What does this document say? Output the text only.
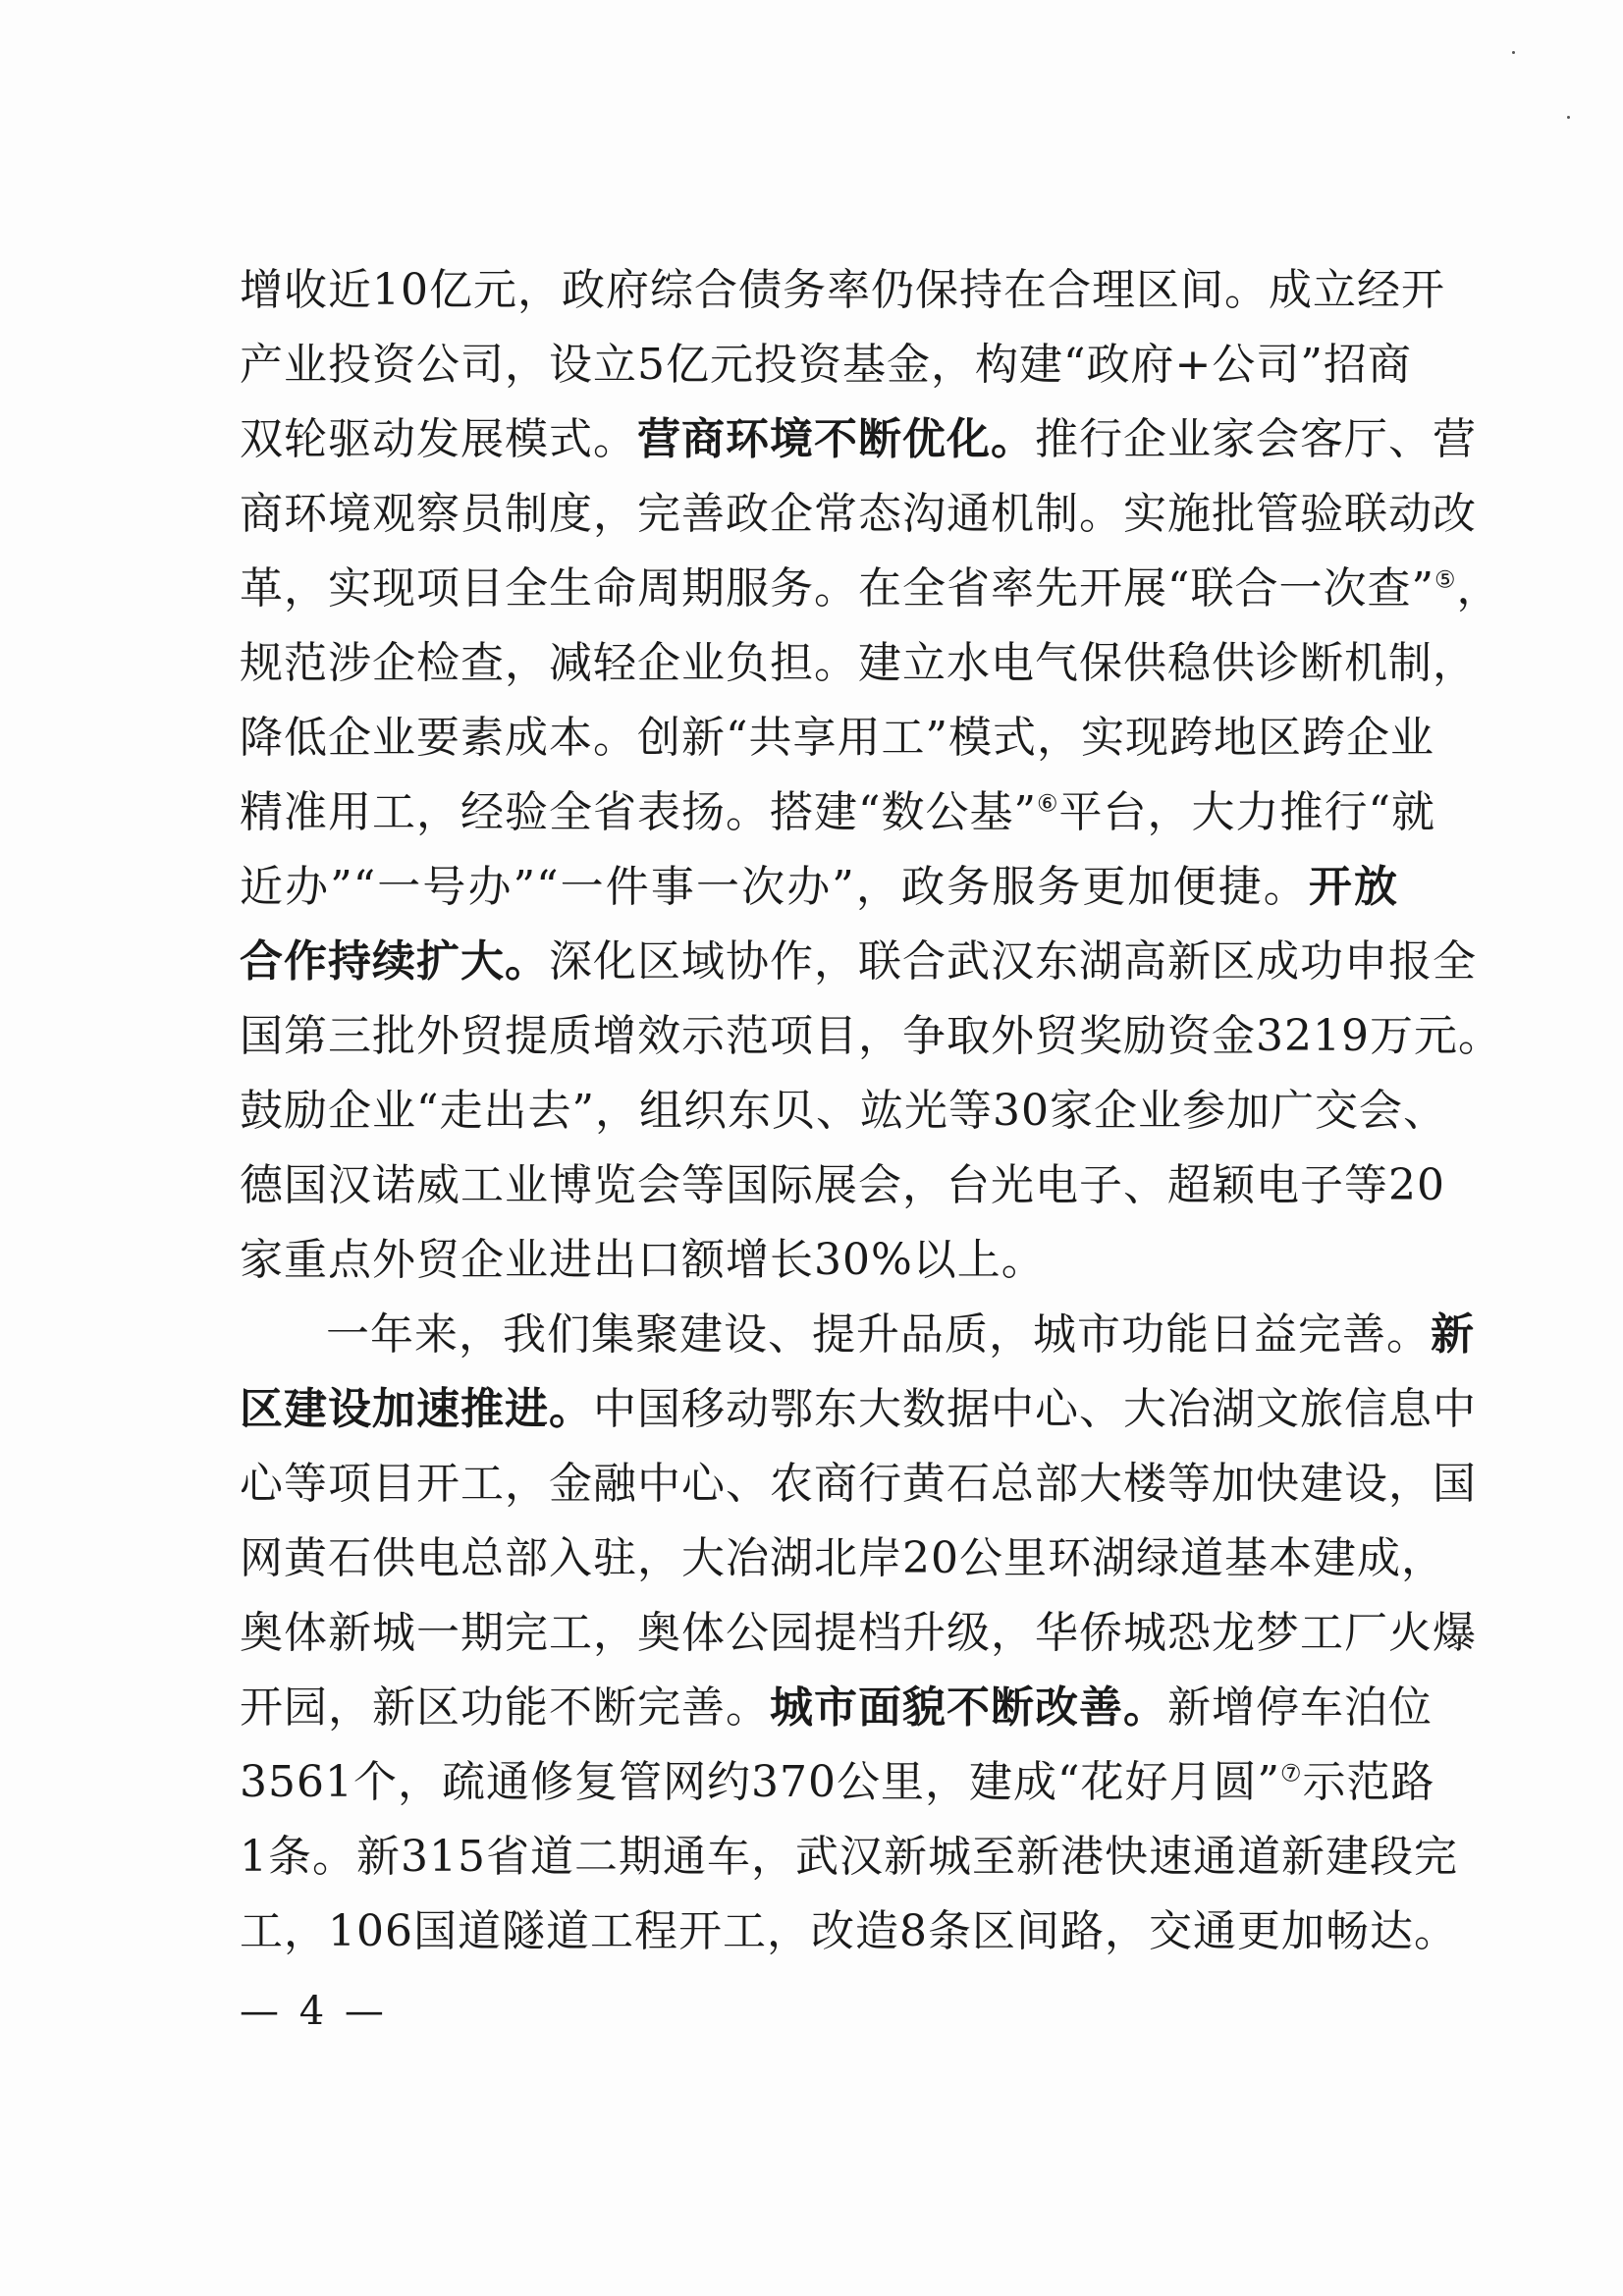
增收近10亿元，政府综合债务率仍保持在合理区间。成立经开
产业投资公司，设立5亿元投资基金，构建“政府+公司”招商
双轮驱动发展模式。营商环境不断优化。推行企业家会客厅、营
商环境观察员制度，完善政企常态沟通机制。实施批管验联动改
革，实现项目全生命周期服务。在全省率先开展“联合一次查”⑤，
规范涉企检查，减轻企业负担。建立水电气保供稳供诊断机制，
降低企业要素成本。创新“共享用工”模式，实现跨地区跨企业
精准用工，经验全省表扬。搭建“数公基”⑥平台，大力推行“就
近办”“一号办”“一件事一次办”，政务服务更加便捷。开放
合作持续扩大。深化区域协作，联合武汉东湖高新区成功申报全
国第三批外贸提质增效示范项目，争取外贸奖励资金3219万元。
鼓励企业“走出去”，组织东贝、竑光等30家企业参加广交会、
德国汉诺威工业博览会等国际展会，台光电子、超颖电子等20
家重点外贸企业进出口额增长30%以上。
一年来，我们集聚建设、提升品质，城市功能日益完善。新
区建设加速推进。中国移动鄂东大数据中心、大冶湖文旅信息中
心等项目开工，金融中心、农商行黄石总部大楼等加快建设，国
网黄石供电总部入驻，大冶湖北岸20公里环湖绿道基本建成，
奥体新城一期完工，奥体公园提档升级，华侨城恐龙梦工厂火爆
开园，新区功能不断完善。城市面貌不断改善。新增停车泊位
3561个，疏通修复管网约370公里，建成“花好月圆”⑦示范路
1条。新315省道二期通车，武汉新城至新港快速通道新建段完
工，106国道隧道工程开工，改造8条区间路，交通更加畅达。
— 4 —
